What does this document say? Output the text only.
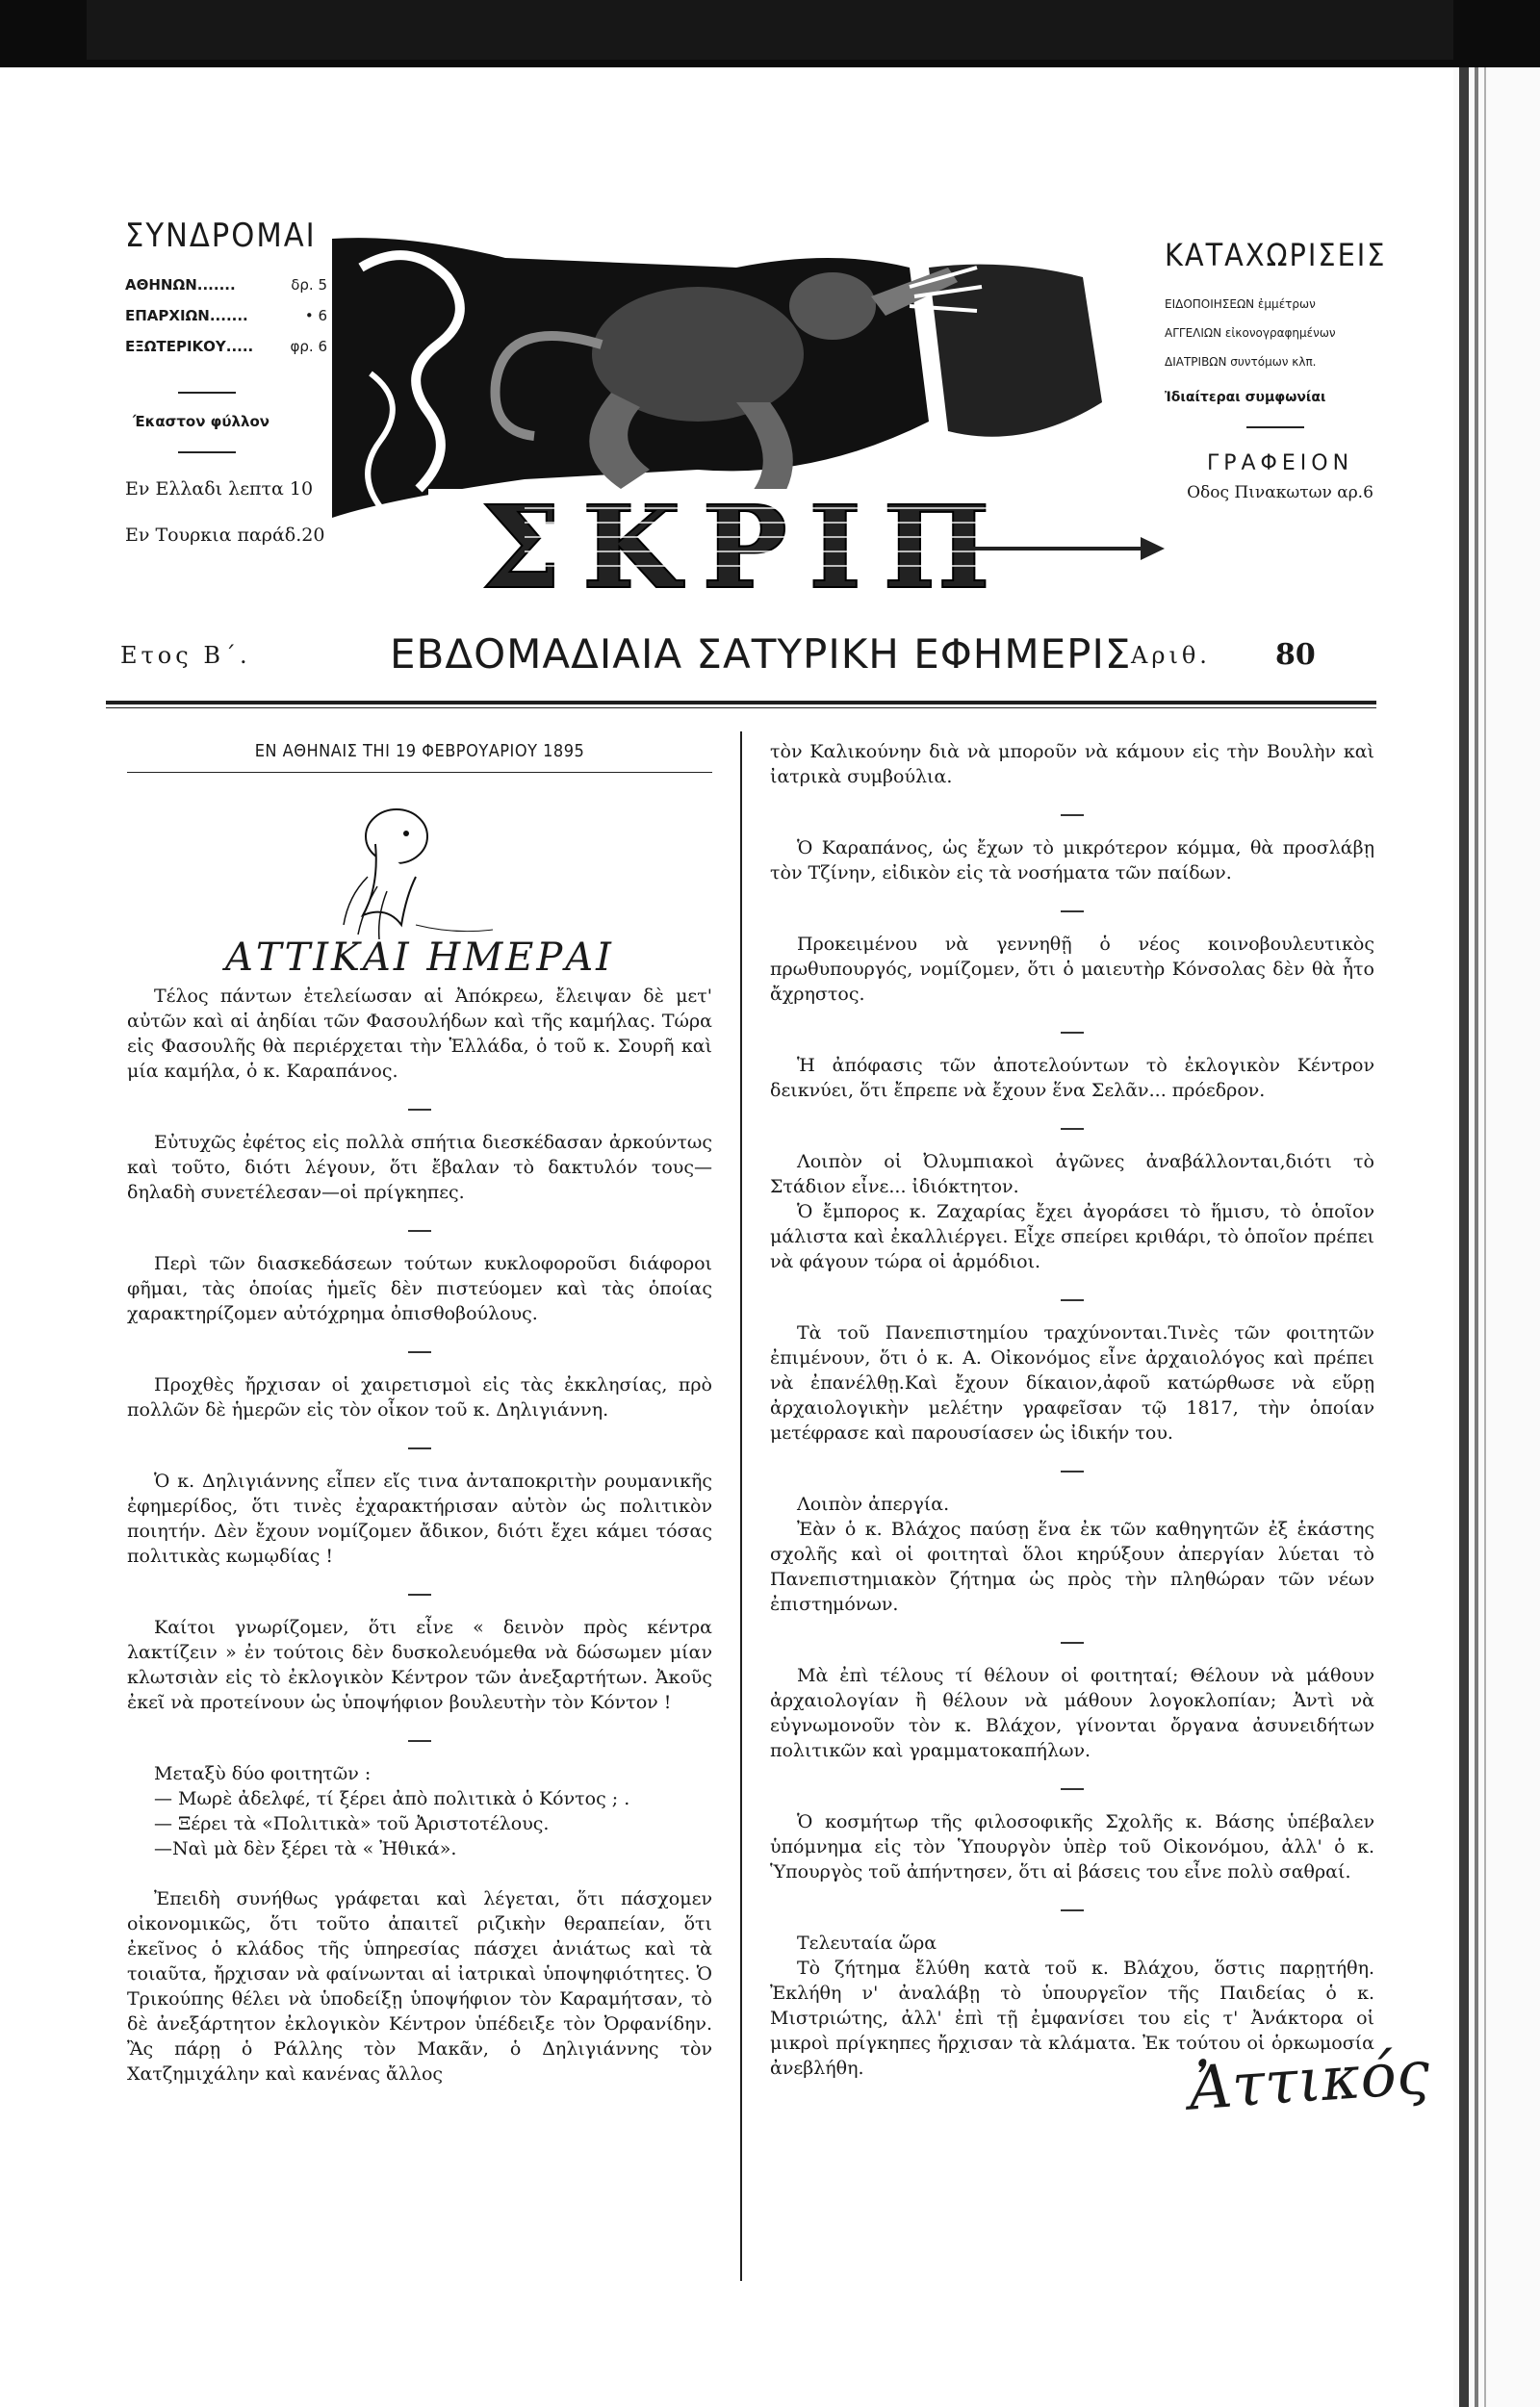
ΣΥΝΔΡΟΜΑΙ
ΑΘΗΝΩΝ.......	δρ. 5
ΕΠΑΡΧΙΩΝ.......	• 6
ΕΞΩΤΕΡΙΚΟΥ.....	φρ. 6
Έκαστον φύλλον
Εν Ελλαδι λεπτα 10
Εν Τουρκια παράδ.20
ΚΑΤΑΧΩΡΙΣΕΙΣ
ΕΙΔΟΠΟΙΗΣΕΩΝ ἐμμέτρων
ΑΓΓΕΛΙΩΝ εἰκονογραφημένων
ΔΙΑΤΡΙΒΩΝ συντόμων κλπ.
Ἰδιαίτεραι συμφωνίαι
ΓΡΑΦΕΙΟΝ
Οδος Πινακωτων αρ.6
ΣΚΡΙΠ
Ετος Β΄.	ΕΒΔΟΜΑΔΙΑΙΑ ΣΑΤΥΡΙΚΗ ΕΦΗΜΕΡΙΣ Αριθ. 80
ΕΝ ΑΘΗΝΑΙΣ ΤΗΙ 19 ΦΕΒΡΟΥΑΡΙΟΥ 1895
ΑΤΤΙΚΑΙ ΗΜΕΡΑΙ

Τέλος πάντων ἐτελείωσαν αἱ Ἀπόκρεω, ἔλειψαν δὲ μετ' αὐτῶν καὶ αἱ ἀηδίαι τῶν Φασουλήδων καὶ τῆς καμήλας. Τώρα εἰς Φασουλῆς θὰ περιέρχεται τὴν Ἑλλάδα, ὁ τοῦ κ. Σουρῆ καὶ μία καμήλα, ὁ κ. Καραπάνος.

Εὐτυχῶς ἐφέτος εἰς πολλὰ σπήτια διεσκέδασαν ἀρκούντως καὶ τοῦτο, διότι λέγουν, ὅτι ἔβαλαν τὸ δακτυλόν τους—δηλαδὴ συνετέλεσαν—οἱ πρίγκηπες.

Περὶ τῶν διασκεδάσεων τούτων κυκλοφοροῦσι διάφοροι φῆμαι, τὰς ὁποίας ἡμεῖς δὲν πιστεύομεν καὶ τὰς ὁποίας χαρακτηρίζομεν αὐτόχρημα ὀπισθοβούλους.

Προχθὲς ἤρχισαν οἱ χαιρετισμοὶ εἰς τὰς ἐκκλησίας, πρὸ πολλῶν δὲ ἡμερῶν εἰς τὸν οἶκον τοῦ κ. Δηλιγιάννη.

Ὁ κ. Δηλιγιάννης εἶπεν εἴς τινα ἀνταποκριτὴν ρουμανικῆς ἐφημερίδος, ὅτι τινὲς ἐχαρακτήρισαν αὐτὸν ὡς πολιτικὸν ποιητήν. Δὲν ἔχουν νομίζομεν ἄδικον, διότι ἔχει κάμει τόσας πολιτικὰς κωμῳδίας !

Καίτοι γνωρίζομεν, ὅτι εἶνε « δεινὸν πρὸς κέντρα λακτίζειν » ἐν τούτοις δὲν δυσκολευόμεθα νὰ δώσωμεν μίαν κλωτσιὰν εἰς τὸ ἐκλογικὸν Κέντρον τῶν ἀνεξαρτήτων. Ἀκοῦς ἐκεῖ νὰ προτείνουν ὡς ὑποψήφιον βουλευτὴν τὸν Κόντον !

Μεταξὺ δύο φοιτητῶν :

— Μωρὲ ἀδελφέ, τί ξέρει ἀπὸ πολιτικὰ ὁ Κόντος ; .

— Ξέρει τὰ «Πολιτικὰ» τοῦ Ἀριστοτέλους.

—Ναὶ μὰ δὲν ξέρει τὰ « Ἠθικά».

Ἐπειδὴ συνήθως γράφεται καὶ λέγεται, ὅτι πάσχομεν οἰκονομικῶς, ὅτι τοῦτο ἀπαιτεῖ ριζικὴν θεραπείαν, ὅτι ἐκεῖνος ὁ κλάδος τῆς ὑπηρεσίας πάσχει ἀνιάτως καὶ τὰ τοιαῦτα, ἤρχισαν νὰ φαίνωνται αἱ ἰατρικαὶ ὑποψηφιότητες. Ὁ Τρικούπης θέλει νὰ ὑποδείξῃ ὑποψήφιον τὸν Καραμήτσαν, τὸ δὲ ἀνεξάρτητον ἐκλογικὸν Κέντρον ὑπέδειξε τὸν Ὀρφανίδην. Ἂς πάρῃ ὁ Ράλλης τὸν Μακᾶν, ὁ Δηλιγιάννης τὸν Χατζημιχάλην καὶ κανένας ἄλλος

τὸν Καλικούνην διὰ νὰ μποροῦν νὰ κάμουν εἰς τὴν Βουλὴν καὶ ἰατρικὰ συμβούλια.

Ὁ Καραπάνος, ὡς ἔχων τὸ μικρότερον κόμμα, θὰ προσλάβῃ τὸν Τζίνην, εἰδικὸν εἰς τὰ νοσήματα τῶν παίδων.

Προκειμένου νὰ γεννηθῇ ὁ νέος κοινοβουλευτικὸς πρωθυπουργός, νομίζομεν, ὅτι ὁ μαιευτὴρ Κόνσολας δὲν θὰ ἦτο ἄχρηστος.

Ἡ ἀπόφασις τῶν ἀποτελούντων τὸ ἐκλογικὸν Κέντρον δεικνύει, ὅτι ἔπρεπε νὰ ἔχουν ἕνα Σελᾶν... πρόεδρον.

Λοιπὸν οἱ Ὀλυμπιακοὶ ἀγῶνες ἀναβάλλονται,διότι τὸ Στάδιον εἶνε... ἰδιόκτητον.

Ὁ ἔμπορος κ. Ζαχαρίας ἔχει ἀγοράσει τὸ ἥμισυ, τὸ ὁποῖον μάλιστα καὶ ἐκαλλιέργει. Εἶχε σπείρει κριθάρι, τὸ ὁποῖον πρέπει νὰ φάγουν τώρα οἱ ἁρμόδιοι.

Τὰ τοῦ Πανεπιστημίου τραχύνονται.Τινὲς τῶν φοιτητῶν ἐπιμένουν, ὅτι ὁ κ. Α. Οἰκονόμος εἶνε ἀρχαιολόγος καὶ πρέπει νὰ ἐπανέλθῃ.Καὶ ἔχουν δίκαιον,ἀφοῦ κατώρθωσε νὰ εὕρῃ ἀρχαιολογικὴν μελέτην γραφεῖσαν τῷ 1817, τὴν ὁποίαν μετέφρασε καὶ παρουσίασεν ὡς ἰδικήν του.

Λοιπὸν ἀπεργία.

Ἐὰν ὁ κ. Βλάχος παύσῃ ἕνα ἐκ τῶν καθηγητῶν ἐξ ἑκάστης σχολῆς καὶ οἱ φοιτηταὶ ὅλοι κηρύξουν ἀπεργίαν λύεται τὸ Πανεπιστημιακὸν ζήτημα ὡς πρὸς τὴν πληθώραν τῶν νέων ἐπιστημόνων.

Μὰ ἐπὶ τέλους τί θέλουν οἱ φοιτηταί; Θέλουν νὰ μάθουν ἀρχαιολογίαν ἢ θέλουν νὰ μάθουν λογοκλοπίαν; Ἀντὶ νὰ εὐγνωμονοῦν τὸν κ. Βλάχον, γίνονται ὄργανα ἀσυνειδήτων πολιτικῶν καὶ γραμματοκαπήλων.

Ὁ κοσμήτωρ τῆς φιλοσοφικῆς Σχολῆς κ. Βάσης ὑπέβαλεν ὑπόμνημα εἰς τὸν Ὑπουργὸν ὑπὲρ τοῦ Οἰκονόμου, ἀλλ' ὁ κ. Ὑπουργὸς τοῦ ἀπήντησεν, ὅτι αἱ βάσεις του εἶνε πολὺ σαθραί.

Τελευταία ὥρα

Τὸ ζήτημα ἔλύθη κατὰ τοῦ κ. Βλάχου, ὅστις παρῃτήθη. Ἐκλήθη ν' ἀναλάβῃ τὸ ὑπουργεῖον τῆς Παιδείας ὁ κ. Μιστριώτης, ἀλλ' ἐπὶ τῇ ἐμφανίσει του εἰς τ' Ἀνάκτορα οἱ μικροὶ πρίγκηπες ἤρχισαν τὰ κλάματα. Ἐκ τούτου οἱ ὁρκωμοσία ἀνεβλήθη.	Ἀττικός
